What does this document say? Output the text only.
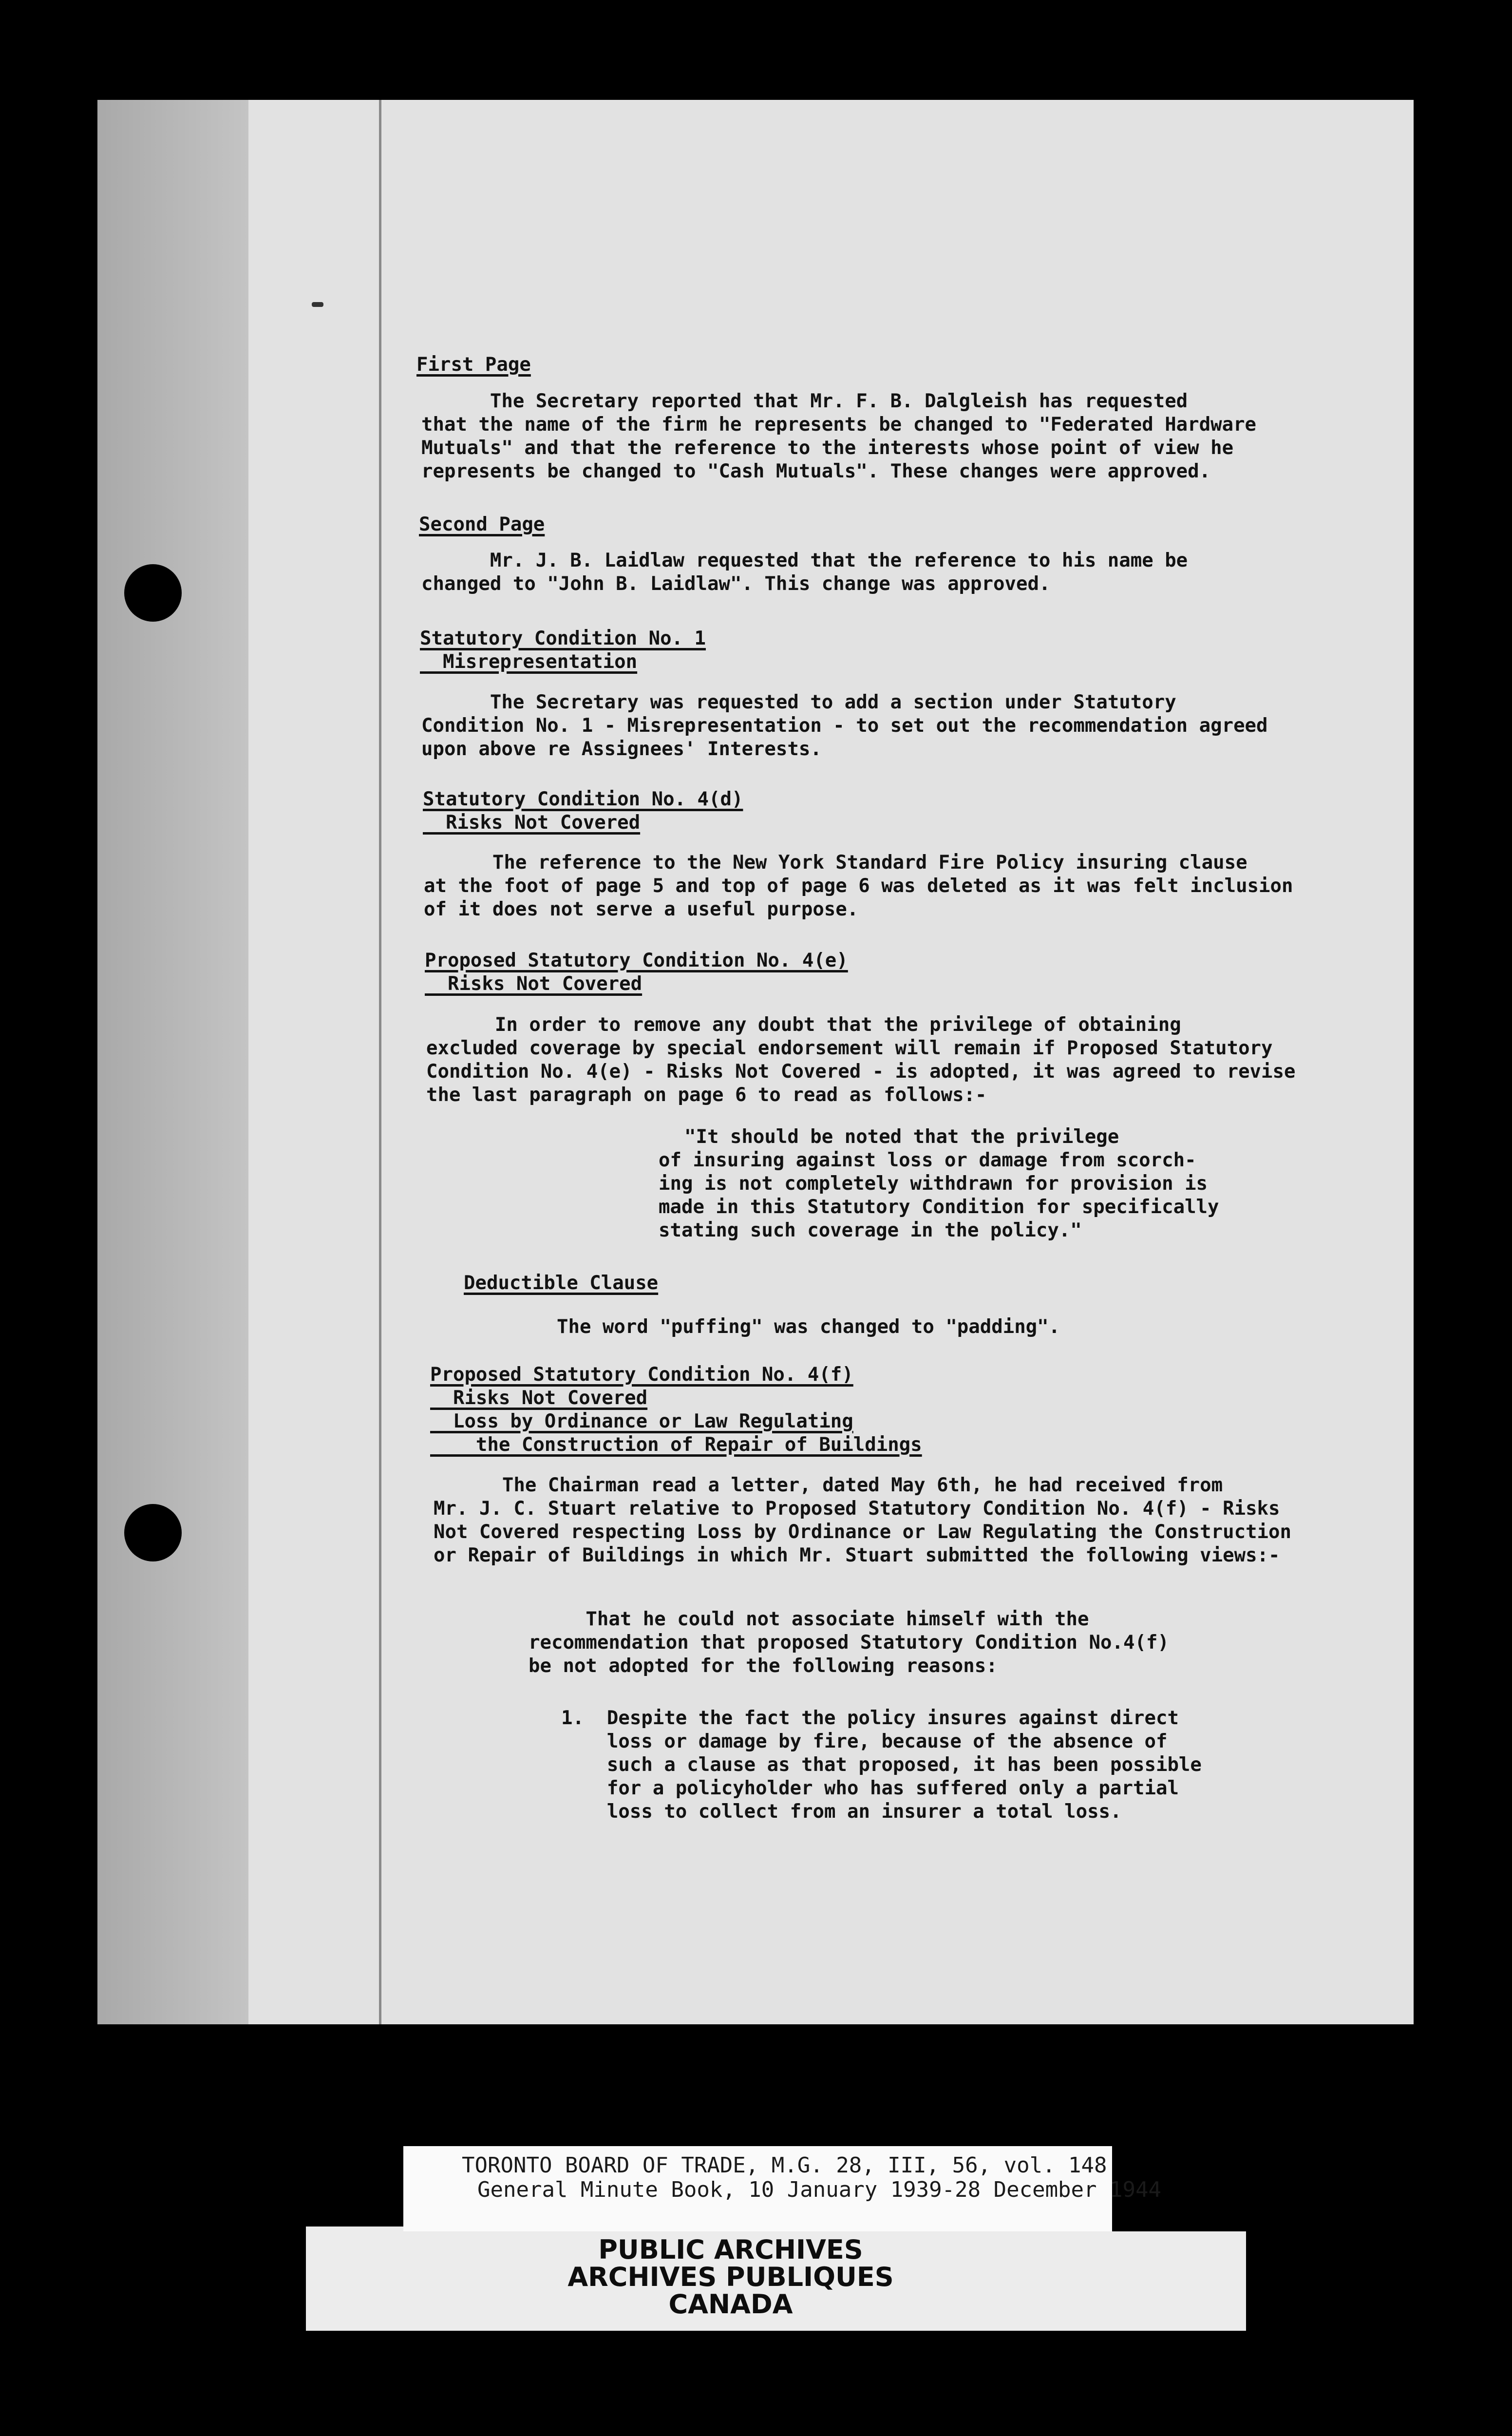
First Page
The Secretary reported that Mr. F. B. Dalgleish has requested
that the name of the firm he represents be changed to "Federated Hardware
Mutuals" and that the reference to the interests whose point of view he
represents be changed to "Cash Mutuals". These changes were approved.
Second Page
Mr. J. B. Laidlaw requested that the reference to his name be
changed to "John B. Laidlaw". This change was approved.
Statutory Condition No. 1
Misrepresentation
The Secretary was requested to add a section under Statutory
Condition No. 1 - Misrepresentation - to set out the recommendation agreed
upon above re Assignees' Interests.
Statutory Condition No. 4(d)
Risks Not Covered
The reference to the New York Standard Fire Policy insuring clause
at the foot of page 5 and top of page 6 was deleted as it was felt inclusion
of it does not serve a useful purpose.
Proposed Statutory Condition No. 4(e)
Risks Not Covered
In order to remove any doubt that the privilege of obtaining
excluded coverage by special endorsement will remain if Proposed Statutory
Condition No. 4(e) - Risks Not Covered - is adopted, it was agreed to revise
the last paragraph on page 6 to read as follows:-
"It should be noted that the privilege
of insuring against loss or damage from scorch-
ing is not completely withdrawn for provision is
made in this Statutory Condition for specifically
stating such coverage in the policy."
Deductible Clause
The word "puffing" was changed to "padding".
Proposed Statutory Condition No. 4(f)
Risks Not Covered
Loss by Ordinance or Law Regulating
the Construction of Repair of Buildings
The Chairman read a letter, dated May 6th, he had received from
Mr. J. C. Stuart relative to Proposed Statutory Condition No. 4(f) - Risks
Not Covered respecting Loss by Ordinance or Law Regulating the Construction
or Repair of Buildings in which Mr. Stuart submitted the following views:-
That he could not associate himself with the
recommendation that proposed Statutory Condition No.4(f)
be not adopted for the following reasons:
1.  Despite the fact the policy insures against direct
loss or damage by fire, because of the absence of
such a clause as that proposed, it has been possible
for a policyholder who has suffered only a partial
loss to collect from an insurer a total loss.
TORONTO BOARD OF TRADE, M.G. 28, III, 56, vol. 148
General Minute Book, 10 January 1939-28 December 1944
PUBLIC ARCHIVES
ARCHIVES PUBLIQUES
CANADA
